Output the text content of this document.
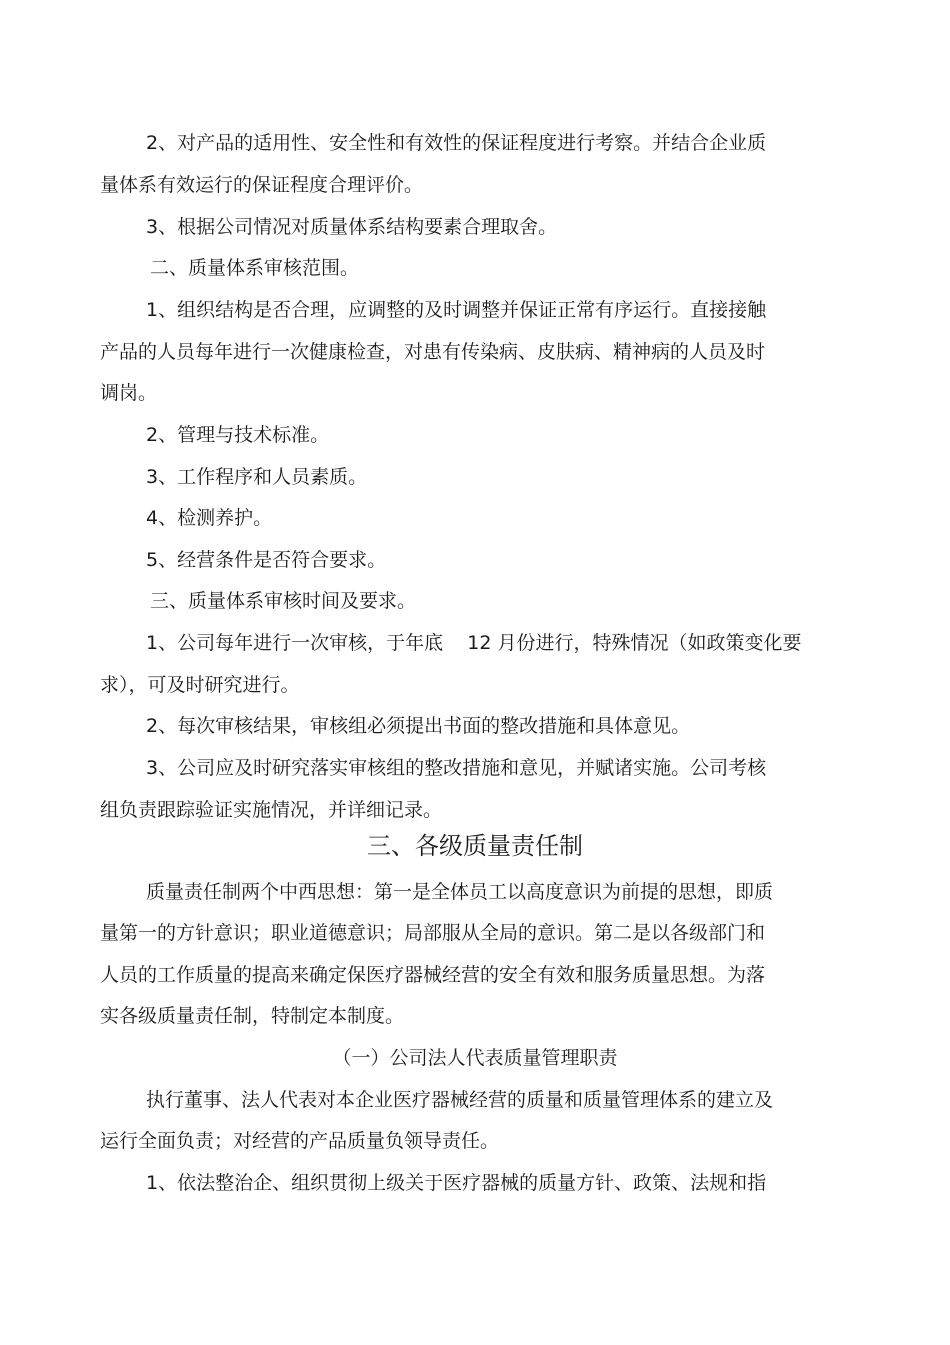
2、对产品的适用性、安全性和有效性的保证程度进行考察。并结合企业质
量体系有效运行的保证程度合理评价。
3、根据公司情况对质量体系结构要素合理取舍。
二、质量体系审核范围。
1、组织结构是否合理，应调整的及时调整并保证正常有序运行。直接接触
产品的人员每年进行一次健康检查，对患有传染病、皮肤病、精神病的人员及时
调岗。
2、管理与技术标准。
3、工作程序和人员素质。
4、检测养护。
5、经营条件是否符合要求。
三、质量体系审核时间及要求。
1、公司每年进行一次审核，于年底    12 月份进行，特殊情况（如政策变化要
求），可及时研究进行。
2、每次审核结果，审核组必须提出书面的整改措施和具体意见。
3、公司应及时研究落实审核组的整改措施和意见，并赋诸实施。公司考核
组负责跟踪验证实施情况，并详细记录。
三、各级质量责任制
质量责任制两个中西思想：第一是全体员工以高度意识为前提的思想，即质
量第一的方针意识；职业道德意识；局部服从全局的意识。第二是以各级部门和
人员的工作质量的提高来确定保医疗器械经营的安全有效和服务质量思想。为落
实各级质量责任制，特制定本制度。
（一）公司法人代表质量管理职责
执行董事、法人代表对本企业医疗器械经营的质量和质量管理体系的建立及
运行全面负责；对经营的产品质量负领导责任。
1、依法整治企、组织贯彻上级关于医疗器械的质量方针、政策、法规和指
